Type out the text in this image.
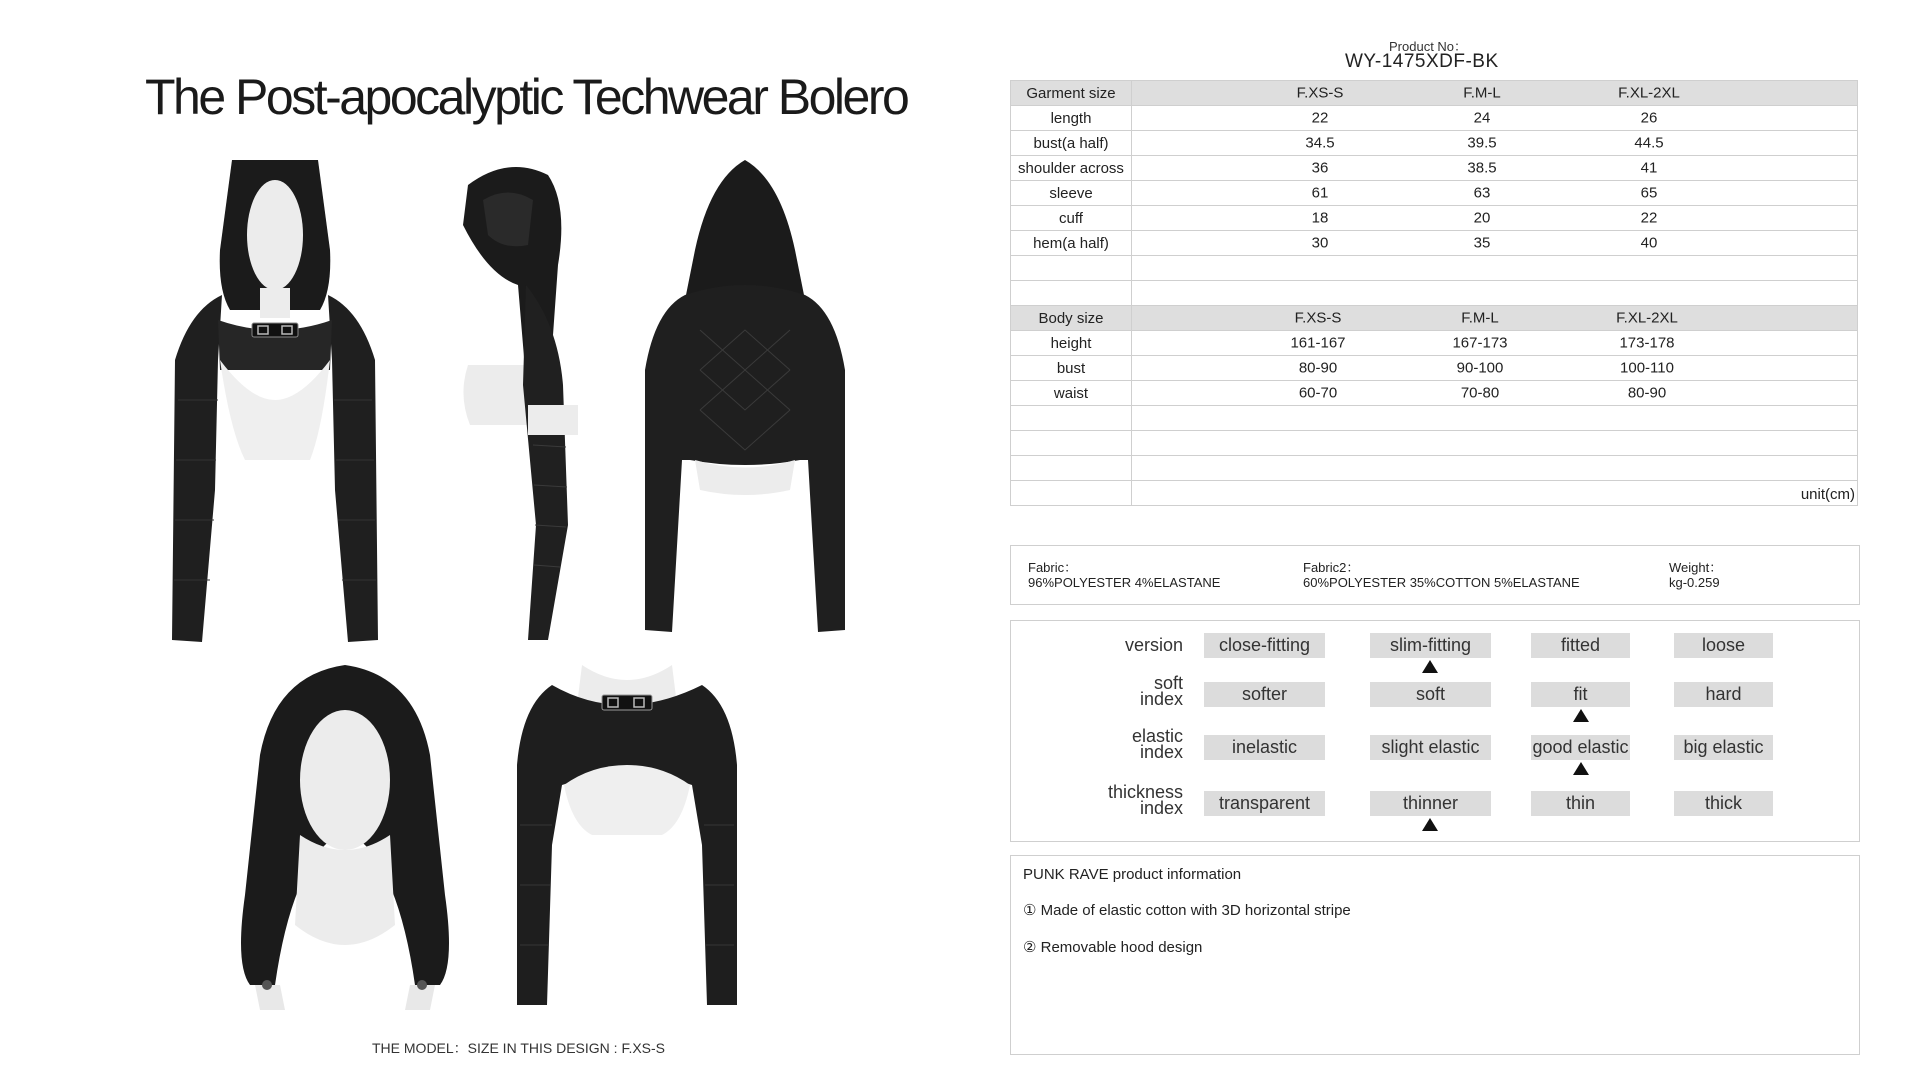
The Post-apocalyptic Techwear Bolero
THE MODEL：SIZE IN THIS DESIGN : F.XS-S
Product No：
WY-1475XDF-BK
Garment size	F.XS-S F.M-L F.XL-2XL

length	22 24 26

bust(a half)	34.5 39.5 44.5

shoulder across	36 38.5 41

sleeve	61 63 65

cuff	18 20 22

hem(a half)	30 35 40

Body size	F.XS-S F.M-L F.XL-2XL

height	161-167 167-173 173-178

bust	80-90 90-100 100-110

waist	60-70 70-80 80-90

	unit(cm)
Fabric：
96%POLYESTER 4%ELASTANE
Fabric2：
60%POLYESTER 35%COTTON 5%ELASTANE
Weight：
kg-0.259
version	close-fitting	slim-fitting	fitted	loose
soft
index	softer	soft	fit	hard
elastic
index	inelastic	slight elastic	good elastic	big elastic
thickness
index	transparent	thinner	thin	thick
PUNK RAVE product information
① Made of elastic cotton with 3D horizontal stripe
② Removable hood design
